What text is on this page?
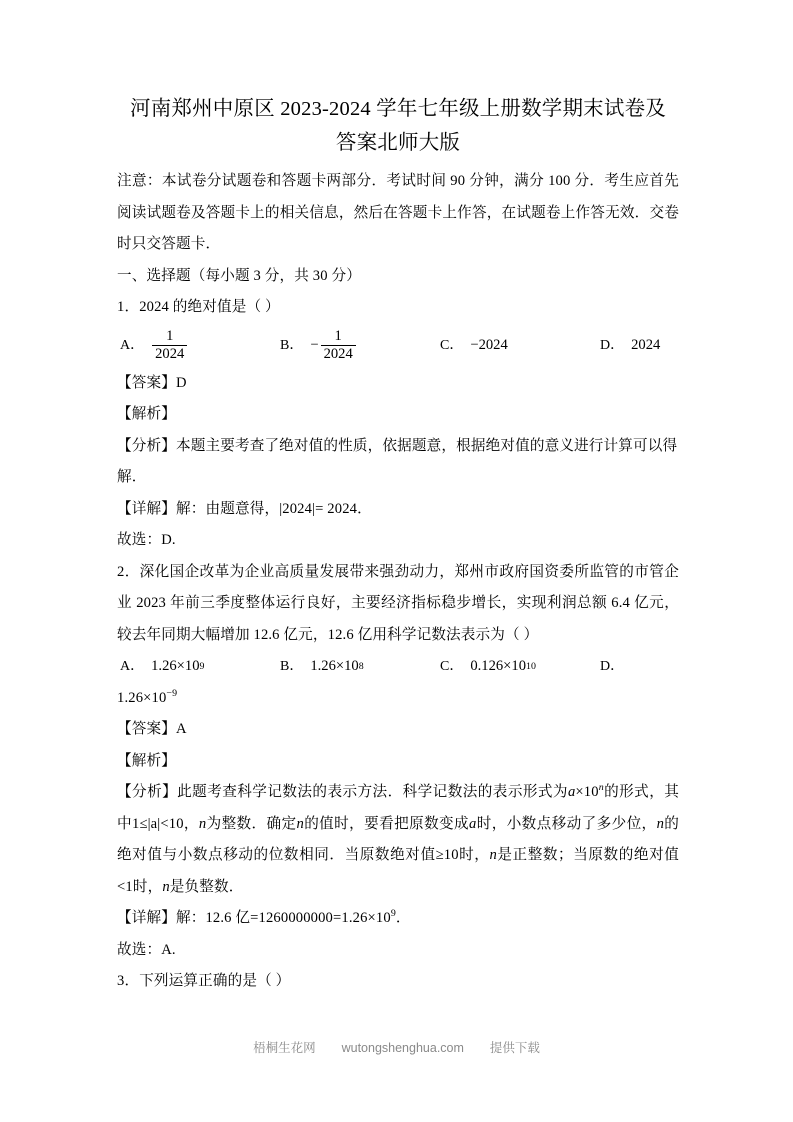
河南郑州中原区 2023-2024 学年七年级上册数学期末试卷及
答案北师大版

注意：本试卷分试题卷和答题卡两部分．考试时间 90 分钟，满分 100 分．考生应首先阅读试题卷及答题卡上的相关信息，然后在答题卡上作答，在试题卷上作答无效．交卷时只交答题卡．

一、选择题（每小题 3 分，共 30 分）

1．2024 的绝对值是（ ）

A． $\frac{1}{2024}$	B． − $\frac{1}{2024}$	C． −2024	D． 2024

【答案】D

【解析】

【分析】本题主要考查了绝对值的性质，依据题意，根据绝对值的意义进行计算可以得解．

【详解】解：由题意得，|2024|= 2024．

故选：D.

2．深化国企改革为企业高质量发展带来强劲动力，郑州市政府国资委所监管的市管企业 2023 年前三季度整体运行良好，主要经济指标稳步增长，实现利润总额 6.4 亿元，较去年同期大幅增加 12.6 亿元，12.6 亿用科学记数法表示为（ ）

A． 1.26×10 9	B． 1.26×10 8	C． 0.126×10 10	D．

$1.26\times 10^{-9}$

【答案】A

【解析】

【分析】此题考查科学记数法的表示方法．科学记数法的表示形式为$a\times 10^n$的形式，其中1≤|a|<10，n为整数．确定n的值时，要看把原数变成a时，小数点移动了多少位，n的绝对值与小数点移动的位数相同．当原数绝对值≥10时，n是正整数；当原数的绝对值<1时，n是负整数．

【详解】解：12.6 亿$=1260000000=1.26\times 10^9$．

故选：A.

3．下列运算正确的是（ ）

梧桐生花网 wutongshenghua.com 提供下载
